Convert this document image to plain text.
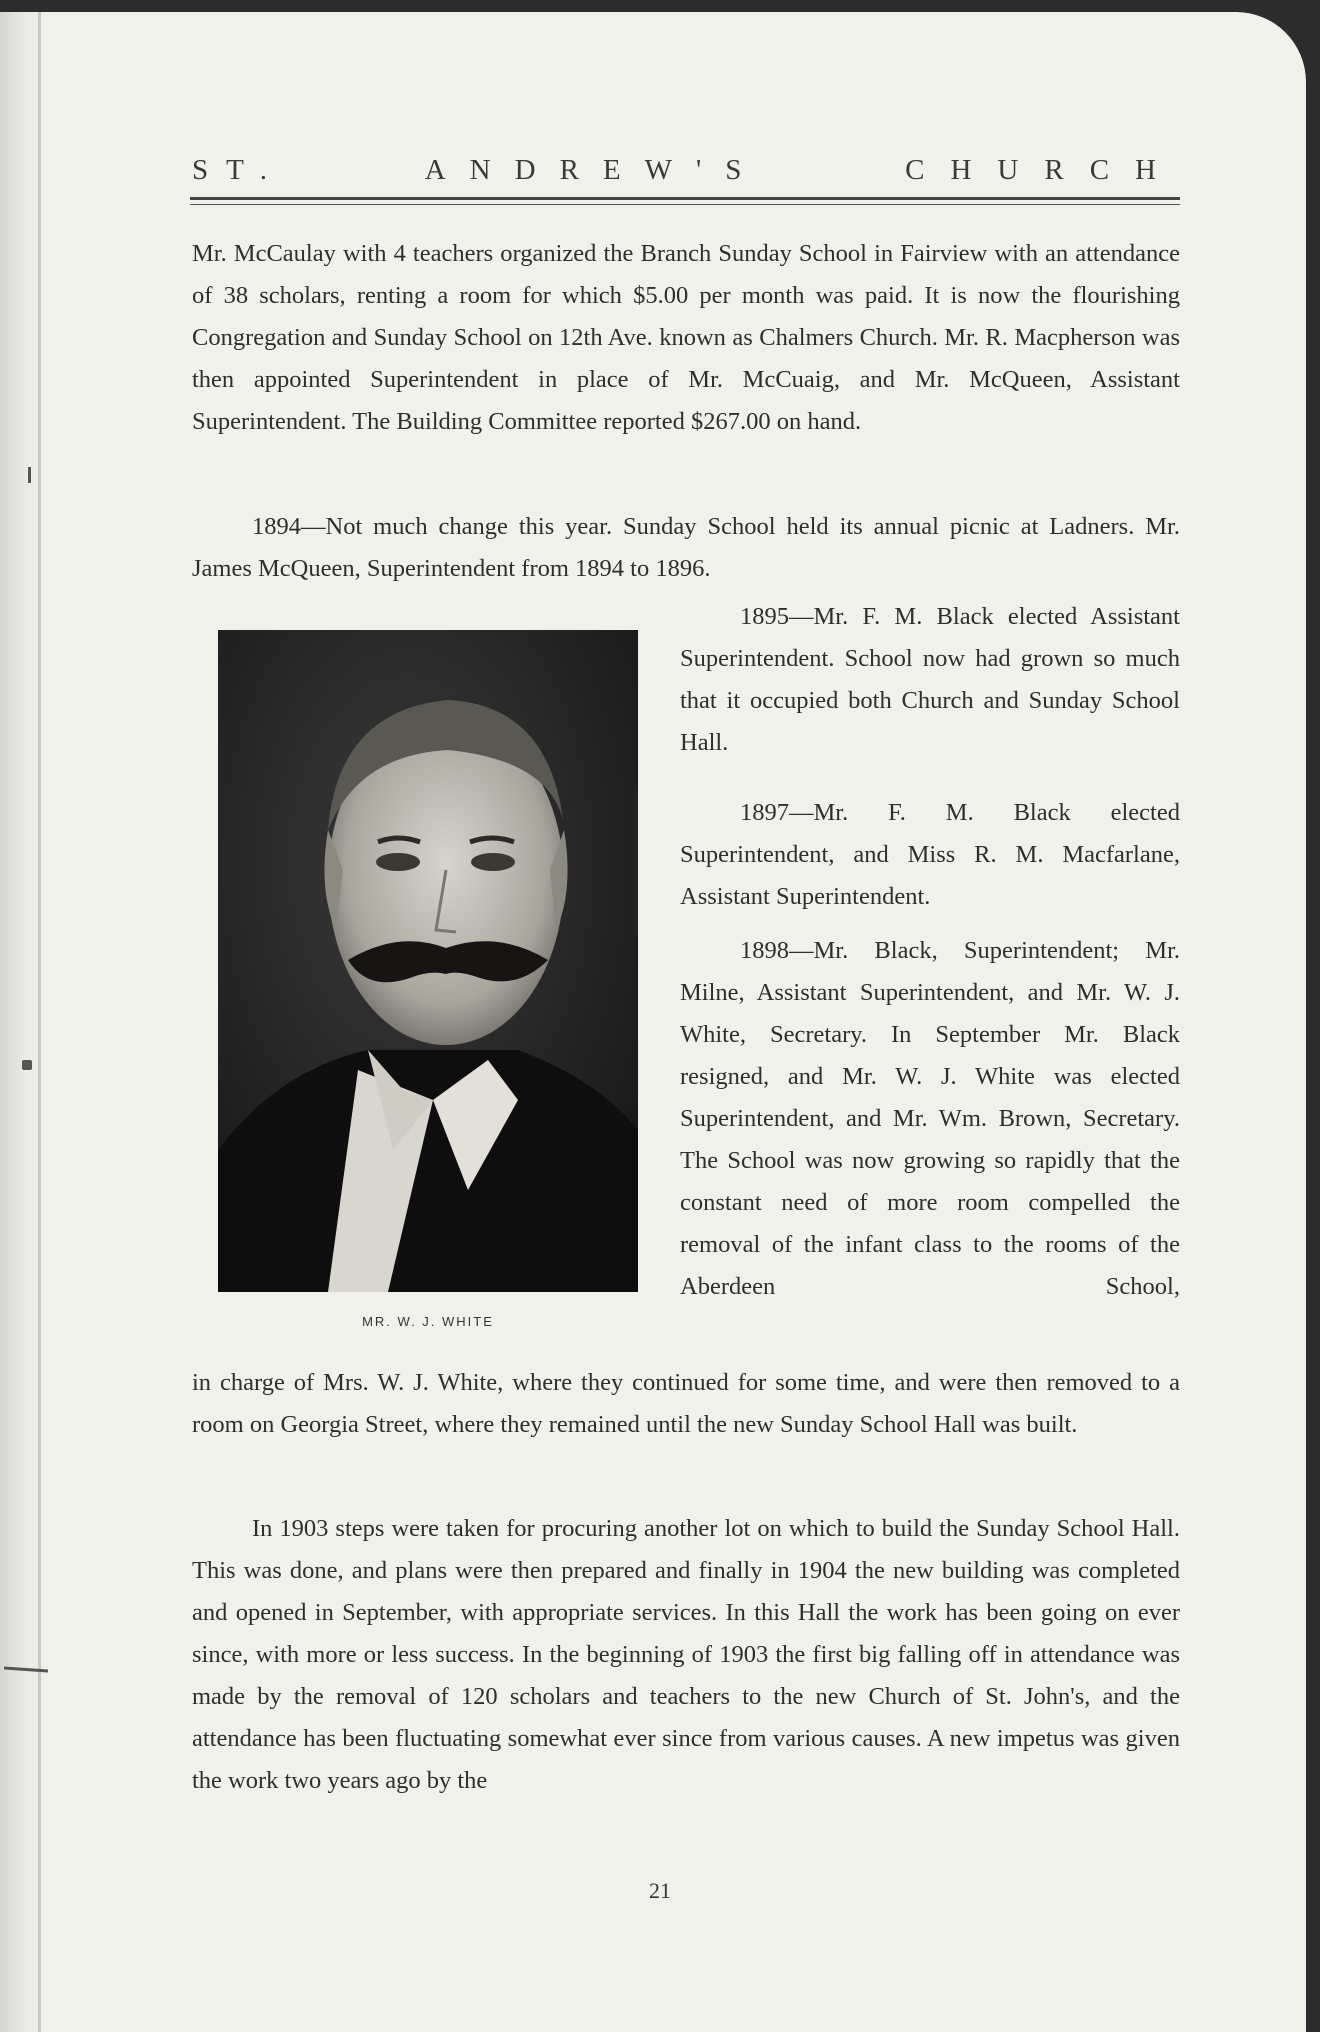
ST.	ANDREW'S	CHURCH
Mr. McCaulay with 4 teachers organized the Branch Sunday School in Fairview with an attendance of 38 scholars, renting a room for which $5.00 per month was paid. It is now the flourishing Congregation and Sunday School on 12th Ave. known as Chalmers Church. Mr. R. Macpherson was then appointed Superintendent in place of Mr. McCuaig, and Mr. McQueen, Assistant Superintendent. The Building Committee reported $267.00 on hand.
1894—Not much change this year. Sunday School held its annual picnic at Ladners. Mr. James McQueen, Superintendent from 1894 to 1896.
1895—Mr. F. M. Black elected Assistant Superintendent. School now had grown so much that it occupied both Church and Sunday School Hall.
1897—Mr. F. M. Black elected Superintendent, and Miss R. M. Macfarlane, Assistant Superintendent.
1898—Mr. Black, Superintendent; Mr. Milne, Assistant Superintendent, and Mr. W. J. White, Secretary. In September Mr. Black resigned, and Mr. W. J. White was elected Superintendent, and Mr. Wm. Brown, Secretary. The School was now growing so rapidly that the constant need of more room compelled the removal of the infant class to the rooms of the Aberdeen School,
in charge of Mrs. W. J. White, where they continued for some time, and were then removed to a room on Georgia Street, where they remained until the new Sunday School Hall was built.
MR. W. J. WHITE
In 1903 steps were taken for procuring another lot on which to build the Sunday School Hall. This was done, and plans were then prepared and finally in 1904 the new building was completed and opened in September, with appropriate services. In this Hall the work has been going on ever since, with more or less success. In the beginning of 1903 the first big falling off in attendance was made by the removal of 120 scholars and teachers to the new Church of St. John's, and the attendance has been fluctuating somewhat ever since from various causes. A new impetus was given the work two years ago by the
21
